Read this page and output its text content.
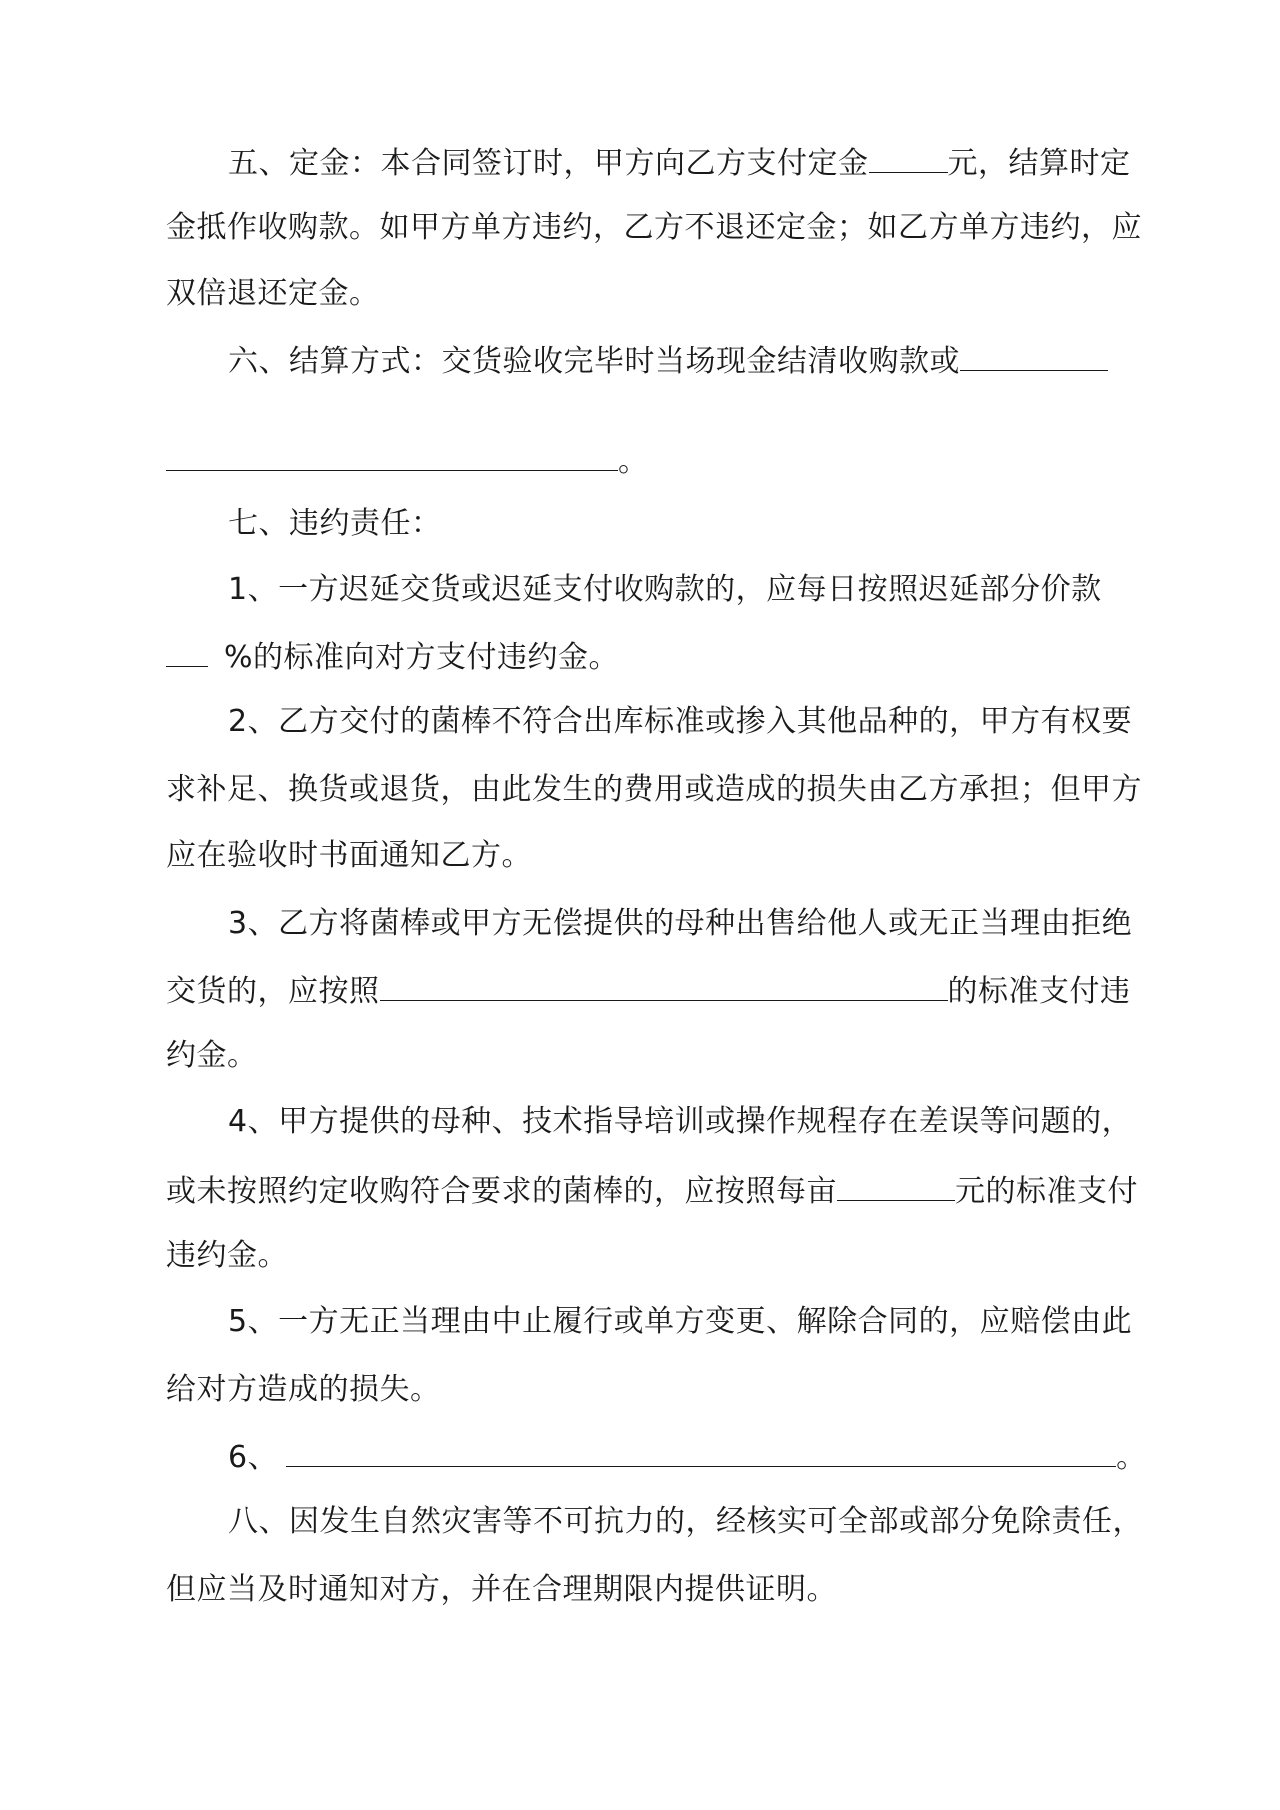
五、定金：本合同签订时，甲方向乙方支付定金	元，结算时定
金抵作收购款。如甲方单方违约，乙方不退还定金；如乙方单方违约，应
双倍退还定金。
六、结算方式：交货验收完毕时当场现金结清收购款或
。
七、违约责任：
1、一方迟延交货或迟延支付收购款的，应每日按照迟延部分价款
%的标准向对方支付违约金。
2、乙方交付的菌棒不符合出库标准或掺入其他品种的，甲方有权要
求补足、换货或退货，由此发生的费用或造成的损失由乙方承担；但甲方
应在验收时书面通知乙方。
3、乙方将菌棒或甲方无偿提供的母种出售给他人或无正当理由拒绝
交货的，应按照	的标准支付违
约金。
4、甲方提供的母种、技术指导培训或操作规程存在差误等问题的，
或未按照约定收购符合要求的菌棒的，应按照每亩	元的标准支付
违约金。
5、一方无正当理由中止履行或单方变更、解除合同的，应赔偿由此
给对方造成的损失。
6、	。
八、因发生自然灾害等不可抗力的，经核实可全部或部分免除责任，
但应当及时通知对方，并在合理期限内提供证明。
